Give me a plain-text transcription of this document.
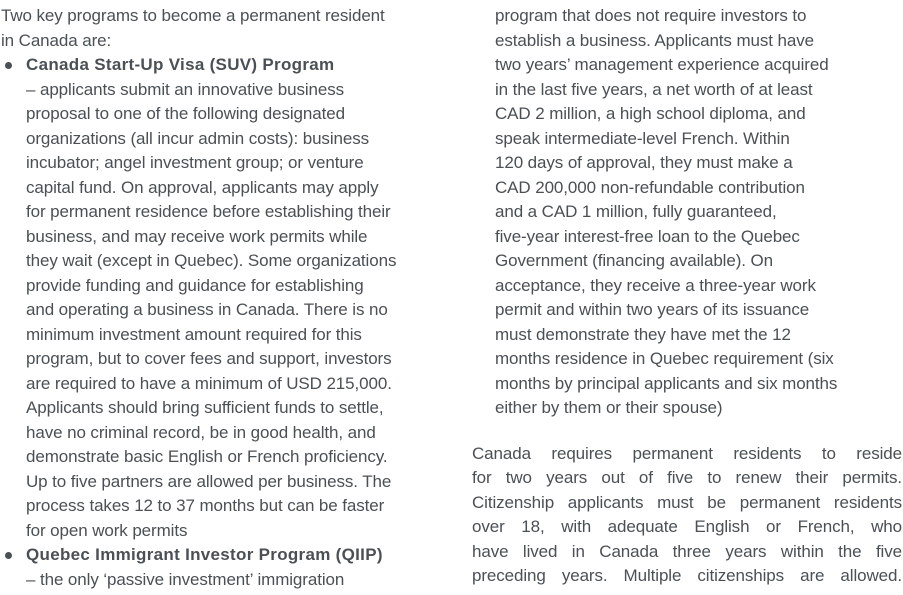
Two key programs to become a permanent resident
in Canada are:
Canada Start-Up Visa (SUV) Program
– applicants submit an innovative business
proposal to one of the following designated
organizations (all incur admin costs): business
incubator; angel investment group; or venture
capital fund. On approval, applicants may apply
for permanent residence before establishing their
business, and may receive work permits while
they wait (except in Quebec). Some organizations
provide funding and guidance for establishing
and operating a business in Canada. There is no
minimum investment amount required for this
program, but to cover fees and support, investors
are required to have a minimum of USD 215,000.
Applicants should bring sufficient funds to settle,
have no criminal record, be in good health, and
demonstrate basic English or French proficiency.
Up to five partners are allowed per business. The
process takes 12 to 37 months but can be faster
for open work permits
Quebec Immigrant Investor Program (QIIP)
– the only ‘passive investment’ immigration
program that does not require investors to
establish a business. Applicants must have
two years’ management experience acquired
in the last five years, a net worth of at least
CAD 2 million, a high school diploma, and
speak intermediate-level French. Within
120 days of approval, they must make a
CAD 200,000 non-refundable contribution
and a CAD 1 million, fully guaranteed,
five-year interest-free loan to the Quebec
Government (financing available). On
acceptance, they receive a three-year work
permit and within two years of its issuance
must demonstrate they have met the 12
months residence in Quebec requirement (six
months by principal applicants and six months
either by them or their spouse)
Canada requires permanent residents to reside
for two years out of five to renew their permits.
Citizenship applicants must be permanent residents
over 18, with adequate English or French, who
have lived in Canada three years within the five
preceding years. Multiple citizenships are allowed.
